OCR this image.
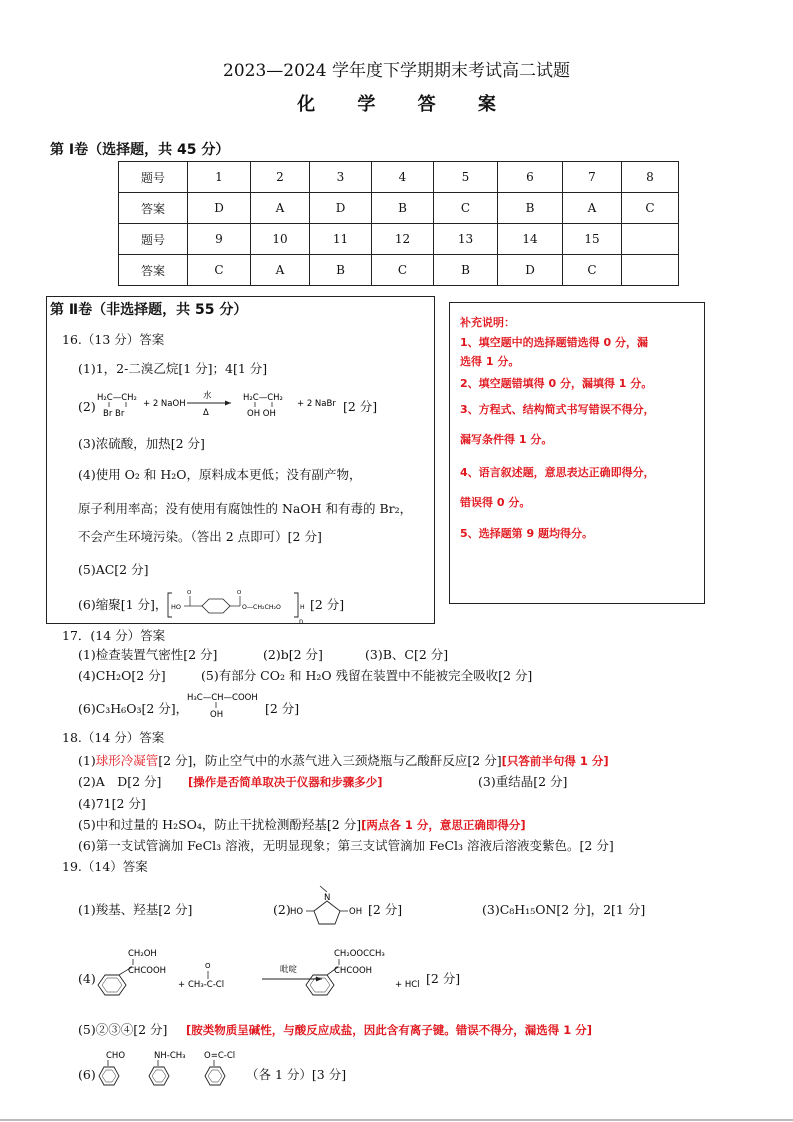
2023—2024 学年度下学期期末考试高二试题
化 学 答 案
第 Ⅰ卷（选择题，共 45 分）
题号	1	2	3	4	5	6	7	8
答案	D	A	D	B	C	B	A	C
题号	9	10	11	12	13	14	15	
答案	C	A	B	C	B	D	C	
第 Ⅱ卷（非选择题，共 55 分）
16.（13 分）答案
(1)1，2-二溴乙烷[1 分]；4[1 分]
(2)
H₂C—CH₂
Br Br
+ 2 NaOH
水
Δ
H₂C—CH₂
OH OH
+ 2 NaBr [2 分]
(3)浓硫酸，加热[2 分]
(4)使用 O₂ 和 H₂O，原料成本更低；没有副产物，
原子利用率高；没有使用有腐蚀性的 NaOH 和有毒的 Br₂，
不会产生环境污染。（答出 2 点即可）[2 分]
(5)AC[2 分]
(6)缩聚[1 分]， HO
O	O
O—CH₂CH₂O	H
n
[2 分]
补充说明：
1、填空题中的选择题错选得 0 分，漏
选得 1 分。
2、填空题错填得 0 分，漏填得 1 分。
3、方程式、结构简式书写错误不得分，
漏写条件得 1 分。
4、语言叙述题，意思表达正确即得分，
错误得 0 分。
5、选择题第 9 题均得分。
17．(14 分）答案
(1)检查装置气密性[2 分]	(2)b[2 分]	(3)B、C[2 分]
(4)CH₂O[2 分]	(5)有部分 CO₂ 和 H₂O 残留在装置中不能被完全吸收[2 分]
(6)C₃H₆O₃[2 分]，
H₃C—CH—COOH
OH	[2 分]
18.（14 分）答案
(1)球形冷凝管[2 分]，防止空气中的水蒸气进入三颈烧瓶与乙酸酐反应[2 分][只答前半句得 1 分]
(2)A　D[2 分] [操作是否简单取决于仪器和步骤多少]	(3)重结晶[2 分]
(4)71[2 分]
(5)中和过量的 H₂SO₄，防止干扰检测酚羟基[2 分][两点各 1 分，意思正确即得分]
(6)第一支试管滴加 FeCl₃ 溶液，无明显现象；第三支试管滴加 FeCl₃ 溶液后溶液变紫色。[2 分]
19.（14）答案
(1)羧基、羟基[2 分]	(2) HO
N
OH [2 分]	(3)C₈H₁₅ON[2 分]，2[1 分]
(4)
CH₂OH
CHCOOH
+ CH₃-C-Cl
O	吡啶
CH₂OOCCH₃
CHCOOH
+ HCl [2 分]
(5)②③④[2 分] [胺类物质呈碱性，与酸反应成盐，因此含有离子键。错误不得分，漏选得 1 分]
(6)
CHO	NH-CH₃ O=C-Cl
（各 1 分）[3 分]
